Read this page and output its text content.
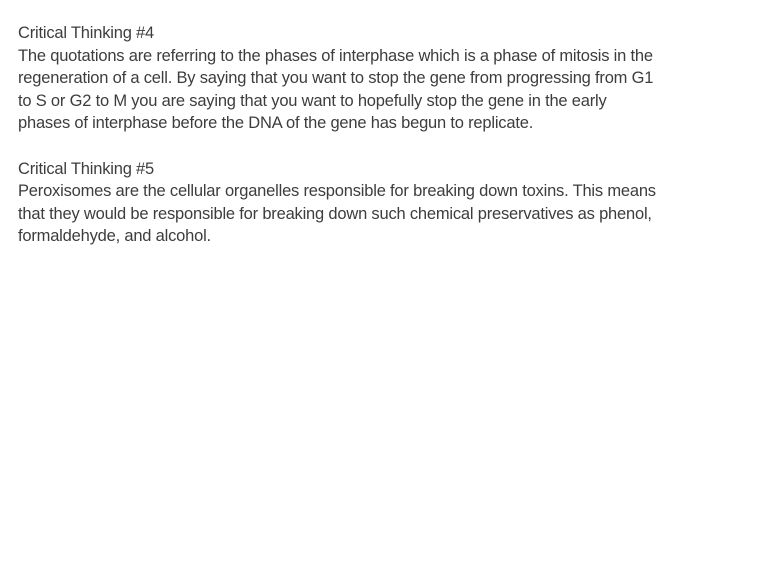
Critical Thinking #4
The quotations are referring to the phases of interphase which is a phase of mitosis in the
regeneration of a cell. By saying that you want to stop the gene from progressing from G1
to S or G2 to M you are saying that you want to hopefully stop the gene in the early
phases of interphase before the DNA of the gene has begun to replicate.
Critical Thinking #5
Peroxisomes are the cellular organelles responsible for breaking down toxins. This means
that they would be responsible for breaking down such chemical preservatives as phenol,
formaldehyde, and alcohol.
